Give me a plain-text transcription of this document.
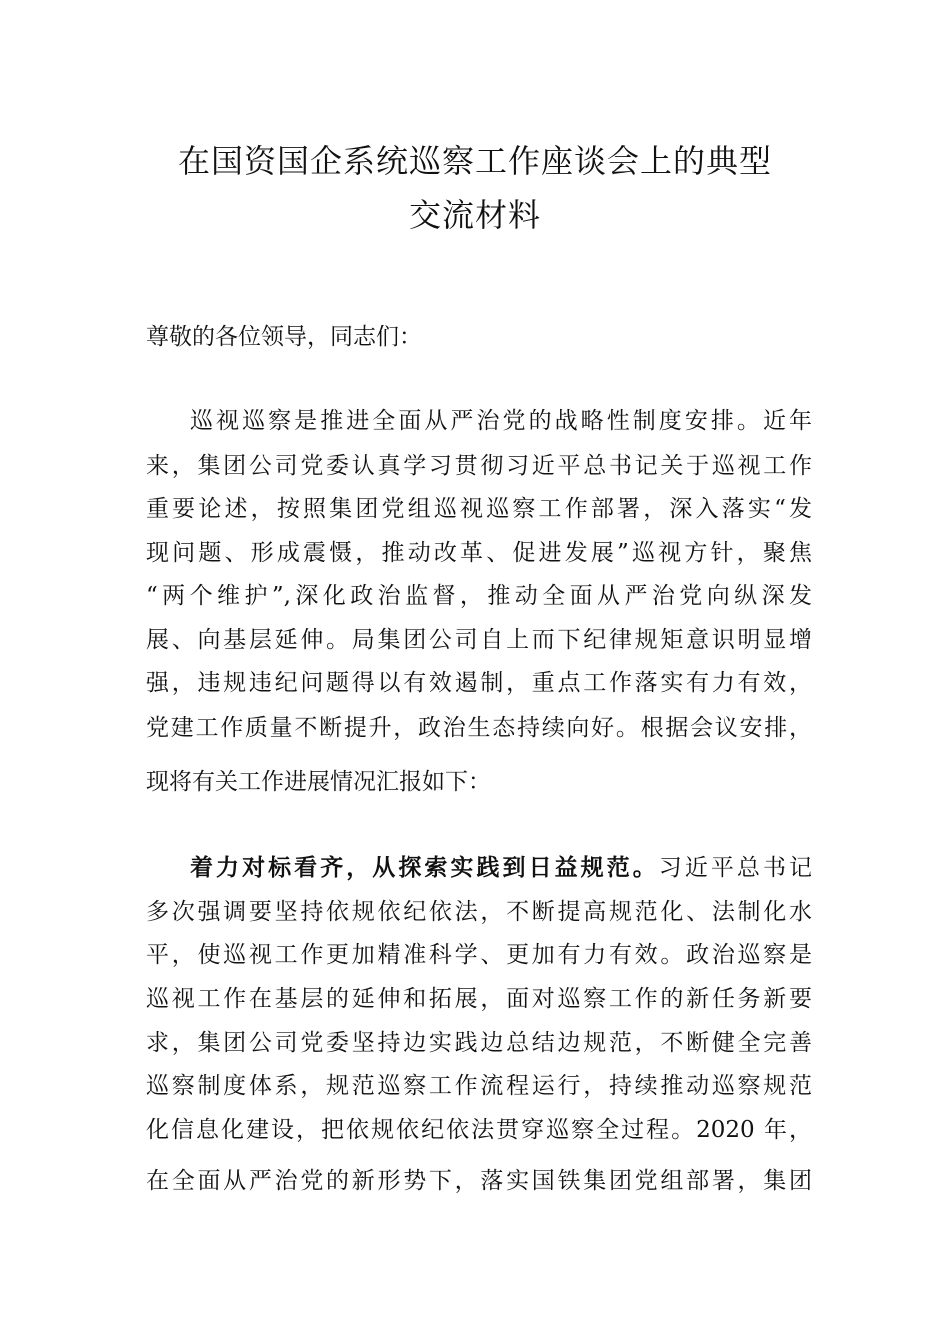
在国资国企系统巡察工作座谈会上的典型
交流材料
尊敬的各位领导，同志们：
巡视巡察是推进全面从严治党的战略性制度安排。近年
来，集团公司党委认真学习贯彻习近平总书记关于巡视工作
重要论述，按照集团党组巡视巡察工作部署，深入落实“发
现问题、形成震慑，推动改革、促进发展”巡视方针，聚焦
“两个维护”,深化政治监督，推动全面从严治党向纵深发
展、向基层延伸。局集团公司自上而下纪律规矩意识明显增
强，违规违纪问题得以有效遏制，重点工作落实有力有效，
党建工作质量不断提升，政治生态持续向好。根据会议安排，
现将有关工作进展情况汇报如下：
着力对标看齐，从探索实践到日益规范。习近平总书记
多次强调要坚持依规依纪依法，不断提高规范化、法制化水
平，使巡视工作更加精准科学、更加有力有效。政治巡察是
巡视工作在基层的延伸和拓展，面对巡察工作的新任务新要
求，集团公司党委坚持边实践边总结边规范，不断健全完善
巡察制度体系，规范巡察工作流程运行，持续推动巡察规范
化信息化建设，把依规依纪依法贯穿巡察全过程。2020 年，
在全面从严治党的新形势下，落实国铁集团党组部署，集团
